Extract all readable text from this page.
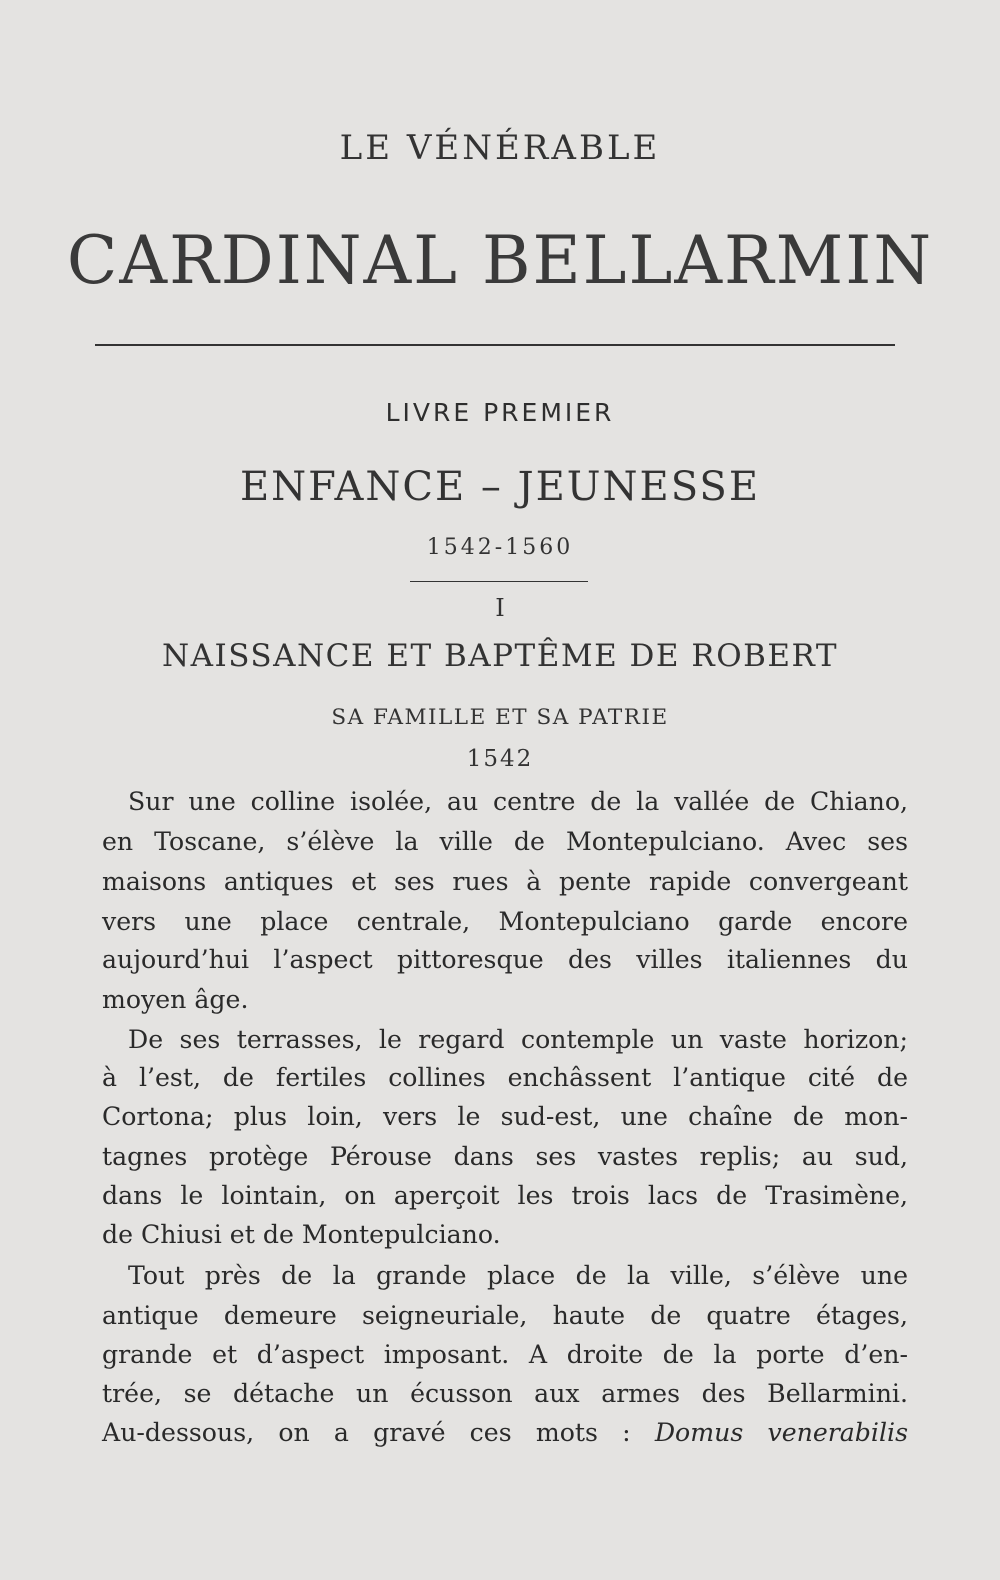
LE VÉNÉRABLE
CARDINAL BELLARMIN
LIVRE PREMIER
ENFANCE – JEUNESSE
1542-1560
I
NAISSANCE ET BAPTÊME DE ROBERT
SA FAMILLE ET SA PATRIE
1542
Sur une colline isolée, au centre de la vallée de Chiano,
en Toscane, s’élève la ville de Montepulciano. Avec ses
maisons antiques et ses rues à pente rapide convergeant
vers une place centrale, Montepulciano garde encore
aujourd’hui l’aspect pittoresque des villes italiennes du
moyen âge.
De ses terrasses, le regard contemple un vaste horizon;
à l’est, de fertiles collines enchâssent l’antique cité de
Cortona; plus loin, vers le sud-est, une chaîne de mon-
tagnes protège Pérouse dans ses vastes replis; au sud,
dans le lointain, on aperçoit les trois lacs de Trasimène,
de Chiusi et de Montepulciano.
Tout près de la grande place de la ville, s’élève une
antique demeure seigneuriale, haute de quatre étages,
grande et d’aspect imposant. A droite de la porte d’en-
trée, se détache un écusson aux armes des Bellarmini.
Au-dessous, on a gravé ces mots : Domus venerabilis
